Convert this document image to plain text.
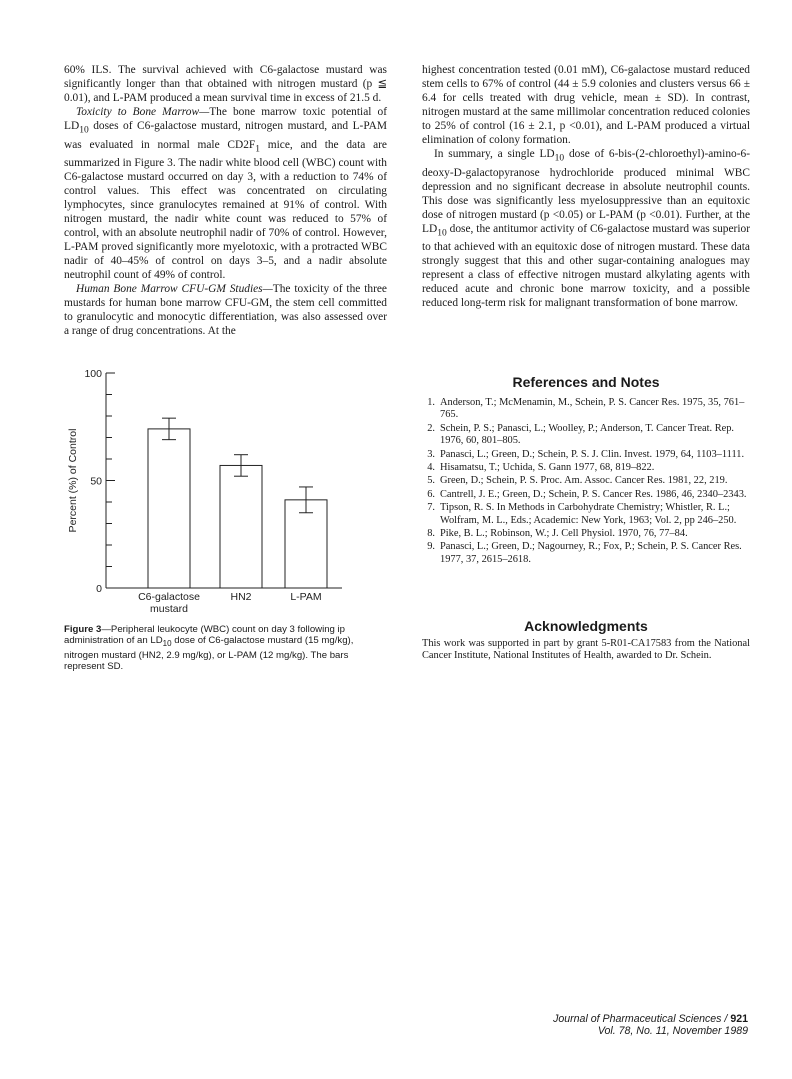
60% ILS. The survival achieved with C6-galactose mustard was significantly longer than that obtained with nitrogen mustard (p ≦ 0.01), and L-PAM produced a mean survival time in excess of 21.5 d.

Toxicity to Bone Marrow—The bone marrow toxic potential of $LD_{10}$ doses of C6-galactose mustard, nitrogen mustard, and L-PAM was evaluated in normal male $CD2F_1$ mice, and the data are summarized in Figure 3. The nadir white blood cell (WBC) count with C6-galactose mustard occurred on day 3, with a reduction to 74% of control values. This effect was concentrated on circulating lymphocytes, since granulocytes remained at 91% of control. With nitrogen mustard, the nadir white count was reduced to 57% of control, with an absolute neutrophil nadir of 70% of control. However, L-PAM proved significantly more myelotoxic, with a protracted WBC nadir of 40–45% of control on days 3–5, and a nadir absolute neutrophil count of 49% of control.

Human Bone Marrow CFU-GM Studies—The toxicity of the three mustards for human bone marrow CFU-GM, the stem cell committed to granulocytic and monocytic differentiation, was also assessed over a range of drug concentrations. At the

highest concentration tested (0.01 mM), C6-galactose mustard reduced stem cells to 67% of control (44 ± 5.9 colonies and clusters versus 66 ± 6.4 for cells treated with drug vehicle, mean ± SD). In contrast, nitrogen mustard at the same millimolar concentration reduced colonies to 25% of control (16 ± 2.1, p <0.01), and L-PAM produced a virtual elimination of colony formation.

In summary, a single $LD_{10}$ dose of 6-bis-(2-chloroethyl)-amino-6-deoxy-D-galactopyranose hydrochloride produced minimal WBC depression and no significant decrease in absolute neutrophil counts. This dose was significantly less myelosuppressive than an equitoxic dose of nitrogen mustard (p <0.05) or L-PAM (p <0.01). Further, at the $LD_{10}$ dose, the antitumor activity of C6-galactose mustard was superior to that achieved with an equitoxic dose of nitrogen mustard. These data strongly suggest that this and other sugar-containing analogues may represent a class of effective nitrogen mustard alkylating agents with reduced acute and chronic bone marrow toxicity, and a possible reduced long-term risk for malignant transformation of bone marrow.

0
50
100
Percent (%) of Control
C6-galactose
mustard
HN2	L-PAM
Figure 3—Peripheral leukocyte (WBC) count on day 3 following ip administration of an $LD_{10}$ dose of C6-galactose mustard (15 mg/kg), nitrogen mustard (HN2, 2.9 mg/kg), or L-PAM (12 mg/kg). The bars represent SD.
References and Notes
1. Anderson, T.; McMenamin, M., Schein, P. S. Cancer Res. 1975, 35, 761–765.
2. Schein, P. S.; Panasci, L.; Woolley, P.; Anderson, T. Cancer Treat. Rep. 1976, 60, 801–805.
3. Panasci, L.; Green, D.; Schein, P. S. J. Clin. Invest. 1979, 64, 1103–1111.
4. Hisamatsu, T.; Uchida, S. Gann 1977, 68, 819–822.
5. Green, D.; Schein, P. S. Proc. Am. Assoc. Cancer Res. 1981, 22, 219.
6. Cantrell, J. E.; Green, D.; Schein, P. S. Cancer Res. 1986, 46, 2340–2343.
7. Tipson, R. S. In Methods in Carbohydrate Chemistry; Whistler, R. L.; Wolfram, M. L., Eds.; Academic: New York, 1963; Vol. 2, pp 246–250.
8. Pike, B. L.; Robinson, W.; J. Cell Physiol. 1970, 76, 77–84.
9. Panasci, L.; Green, D.; Nagourney, R.; Fox, P.; Schein, P. S. Cancer Res. 1977, 37, 2615–2618.
Acknowledgments
This work was supported in part by grant 5-R01-CA17583 from the National Cancer Institute, National Institutes of Health, awarded to Dr. Schein.
Journal of Pharmaceutical Sciences / 921
Vol. 78, No. 11, November 1989
